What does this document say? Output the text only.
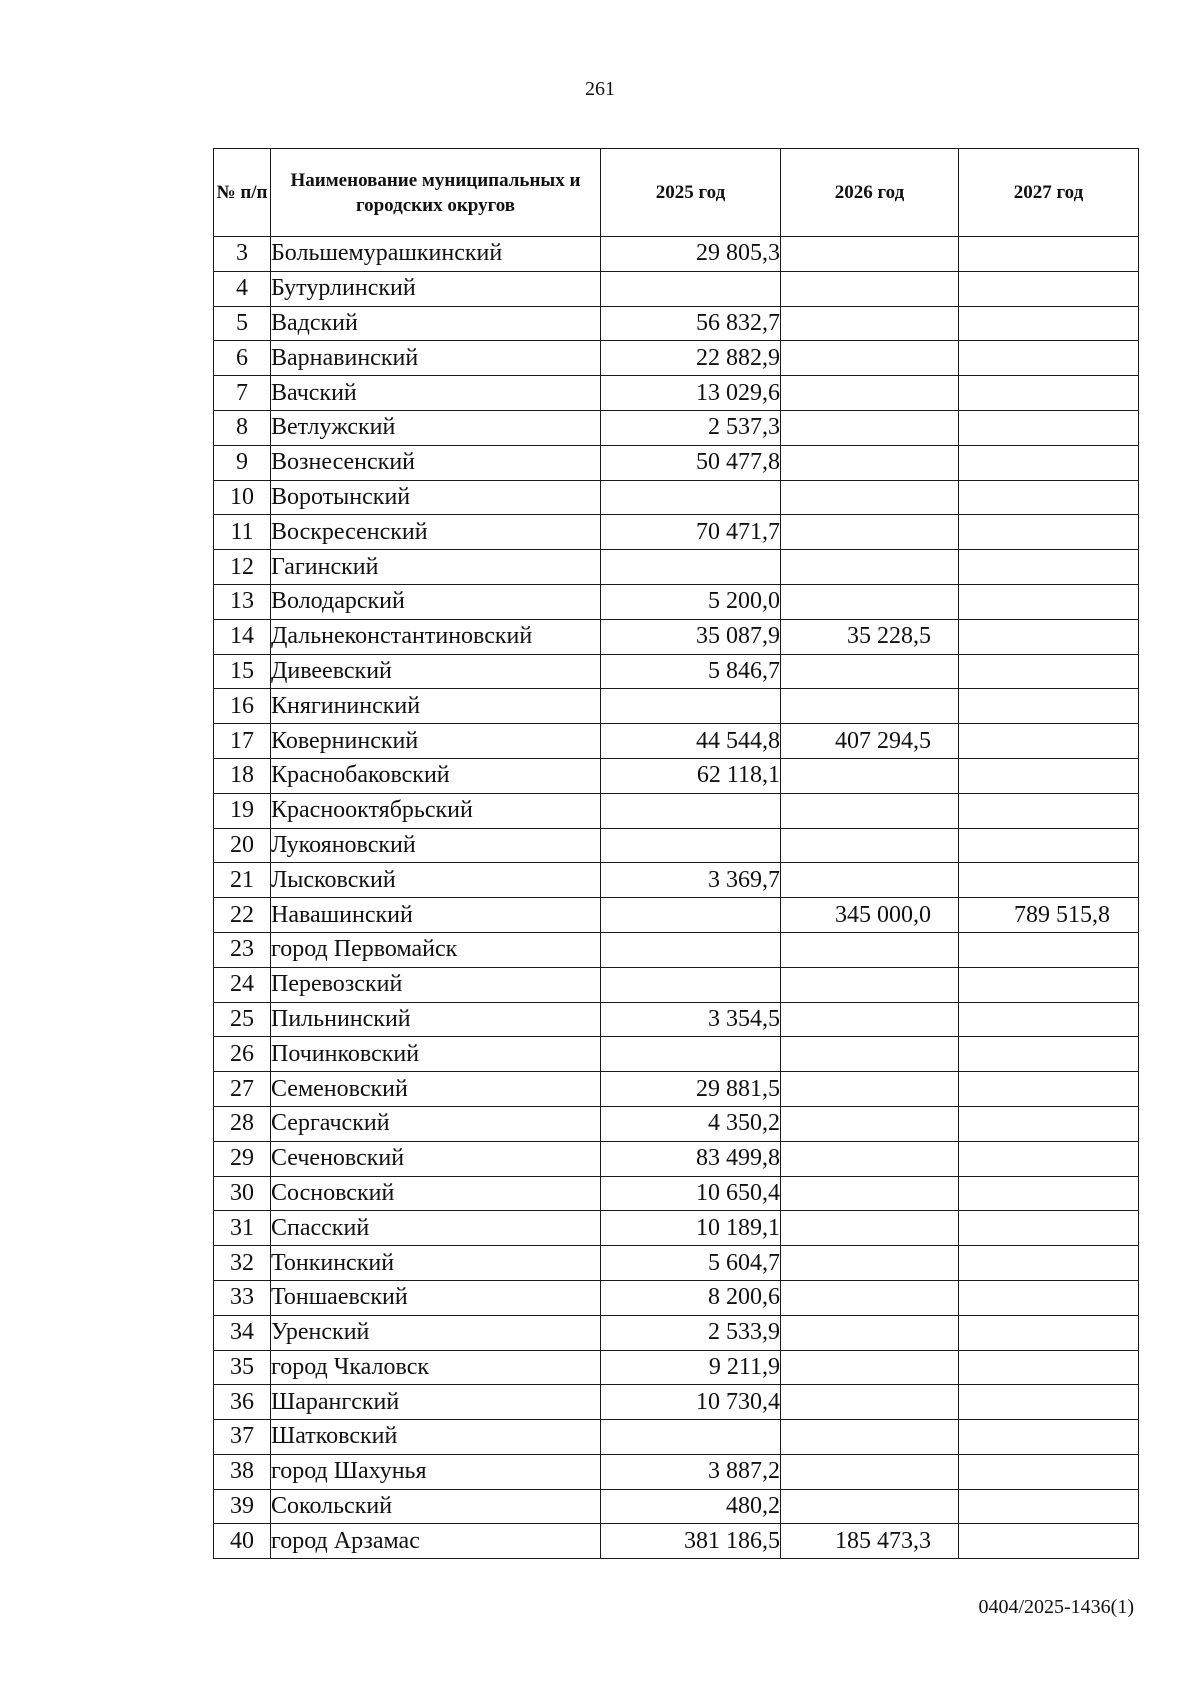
261
№ п/п	Наименование муниципальных и городских округов	2025 год	2026 год	2027 год
3	Большемурашкинский	29 805,3		
4	Бутурлинский			
5	Вадский	56 832,7		
6	Варнавинский	22 882,9		
7	Вачский	13 029,6		
8	Ветлужский	2 537,3		
9	Вознесенский	50 477,8		
10	Воротынский			
11	Воскресенский	70 471,7		
12	Гагинский			
13	Володарский	5 200,0		
14	Дальнеконстантиновский	35 087,9	35 228,5	
15	Дивеевский	5 846,7		
16	Княгининский			
17	Ковернинский	44 544,8	407 294,5	
18	Краснобаковский	62 118,1		
19	Краснооктябрьский			
20	Лукояновский			
21	Лысковский	3 369,7		
22	Навашинский		345 000,0	789 515,8
23	город Первомайск			
24	Перевозский			
25	Пильнинский	3 354,5		
26	Починковский			
27	Семеновский	29 881,5		
28	Сергачский	4 350,2		
29	Сеченовский	83 499,8		
30	Сосновский	10 650,4		
31	Спасский	10 189,1		
32	Тонкинский	5 604,7		
33	Тоншаевский	8 200,6		
34	Уренский	2 533,9		
35	город Чкаловск	9 211,9		
36	Шарангский	10 730,4		
37	Шатковский			
38	город Шахунья	3 887,2		
39	Сокольский	480,2		
40	город Арзамас	381 186,5	185 473,3	
0404/2025-1436(1)
